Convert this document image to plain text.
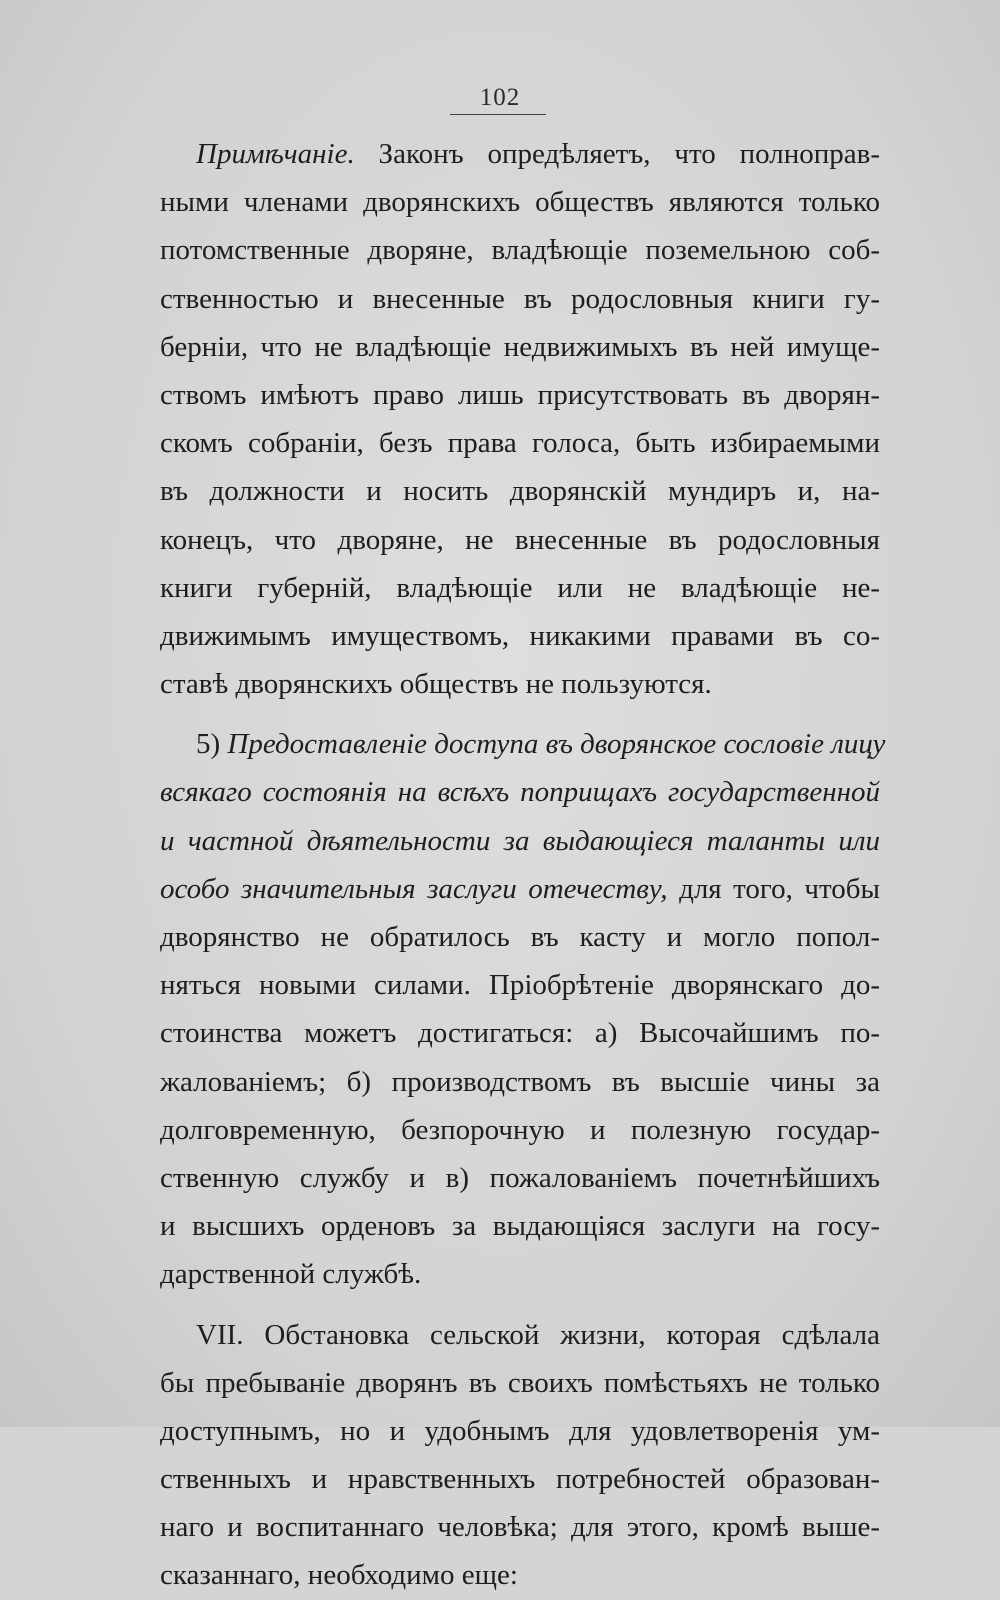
102
Примѣчаніе. Законъ опредѣляетъ, что полноправ-
ными членами дворянскихъ обществъ являются только
потомственные дворяне, владѣющіе поземельною соб-
ственностью и внесенные въ родословныя книги гу-
берніи, что не владѣющіе недвижимыхъ въ ней имуще-
ствомъ имѣютъ право лишь присутствовать въ дворян-
скомъ собраніи, безъ права голоса, быть избираемыми
въ должности и носить дворянскій мундиръ и, на-
конецъ, что дворяне, не внесенные въ родословныя
книги губерній, владѣющіе или не владѣющіе не-
движимымъ имуществомъ, никакими правами въ со-
ставѣ дворянскихъ обществъ не пользуются.
5) Предоставленіе доступа въ дворянское сословіе лицу
всякаго состоянія на всѣхъ поприщахъ государственной
и частной дѣятельности за выдающіеся таланты или
особо значительныя заслуги отечеству, для того, чтобы
дворянство не обратилось въ касту и могло попол-
няться новыми силами. Пріобрѣтеніе дворянскаго до-
стоинства можетъ достигаться: а) Высочайшимъ по-
жалованіемъ; б) производствомъ въ высшіе чины за
долговременную, безпорочную и полезную государ-
ственную службу и в) пожалованіемъ почетнѣйшихъ
и высшихъ орденовъ за выдающіяся заслуги на госу-
дарственной службѣ.
VII. Обстановка сельской жизни, которая сдѣлала
бы пребываніе дворянъ въ своихъ помѣстьяхъ не только
доступнымъ, но и удобнымъ для удовлетворенія ум-
ственныхъ и нравственныхъ потребностей образован-
наго и воспитаннаго человѣка; для этого, кромѣ выше-
сказаннаго, необходимо еще:
